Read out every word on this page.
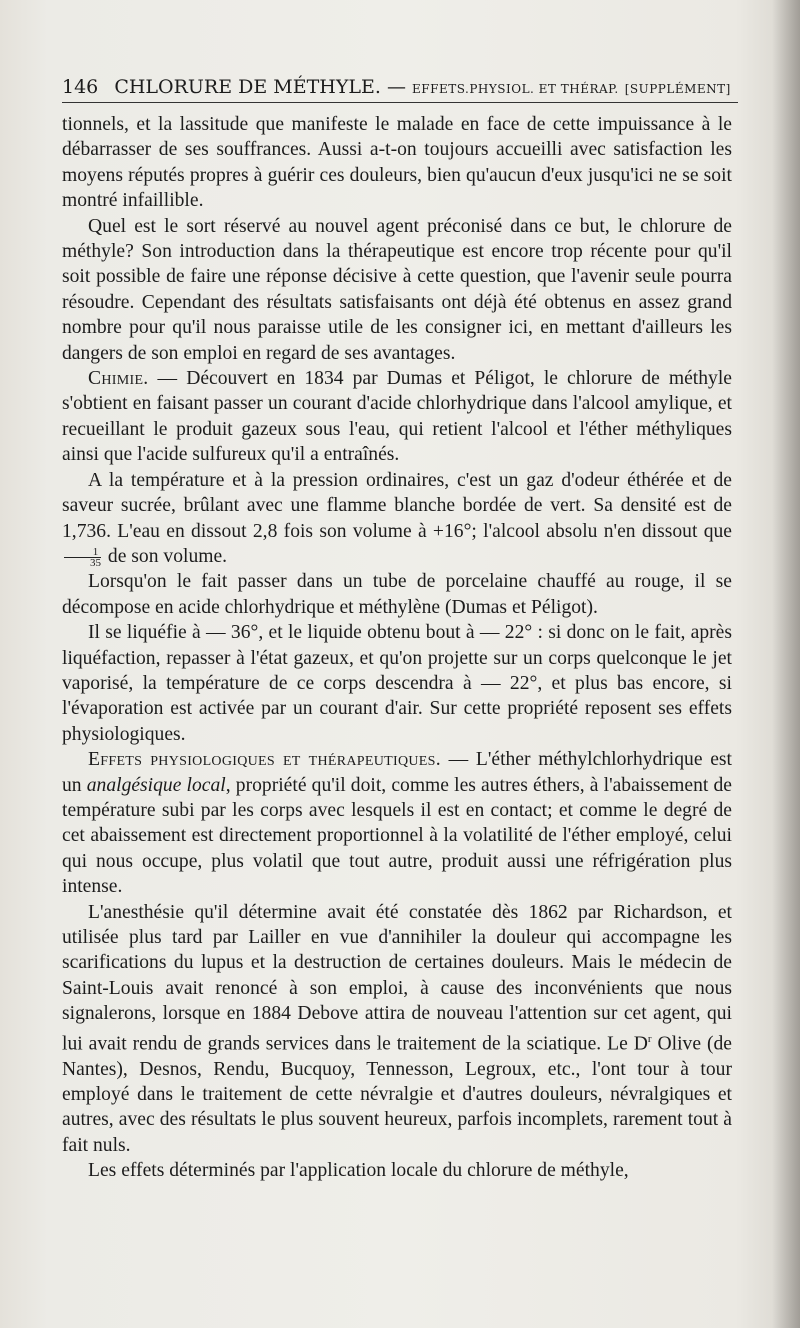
146 CHLORURE DE MÉTHYLE. — EFFETS.PHYSIOL. ET THÉRAP. [SUPPLÉMENT]

tionnels, et la lassitude que manifeste le malade en face de cette impuissance à le débarrasser de ses souffrances. Aussi a-t-on toujours accueilli avec satisfaction les moyens réputés propres à guérir ces douleurs, bien qu'aucun d'eux jusqu'ici ne se soit montré infaillible.

Quel est le sort réservé au nouvel agent préconisé dans ce but, le chlorure de méthyle? Son introduction dans la thérapeutique est encore trop récente pour qu'il soit possible de faire une réponse décisive à cette question, que l'avenir seule pourra résoudre. Cependant des résultats satisfaisants ont déjà été obtenus en assez grand nombre pour qu'il nous paraisse utile de les consigner ici, en mettant d'ailleurs les dangers de son emploi en regard de ses avantages.

Chimie. — Découvert en 1834 par Dumas et Péligot, le chlorure de méthyle s'obtient en faisant passer un courant d'acide chlorhydrique dans l'alcool amylique, et recueillant le produit gazeux sous l'eau, qui retient l'alcool et l'éther méthyliques ainsi que l'acide sulfureux qu'il a entraînés.

A la température et à la pression ordinaires, c'est un gaz d'odeur éthérée et de saveur sucrée, brûlant avec une flamme blanche bordée de vert. Sa densité est de 1,736. L'eau en dissout 2,8 fois son volume à +16°; l'alcool absolu n'en dissout que
$\frac{1}{35}$ de son volume.

Lorsqu'on le fait passer dans un tube de porcelaine chauffé au rouge, il se décompose en acide chlorhydrique et méthylène (Dumas et Péligot).

Il se liquéfie à — 36°, et le liquide obtenu bout à — 22° : si donc on le fait, après liquéfaction, repasser à l'état gazeux, et qu'on projette sur un corps quelconque le jet vaporisé, la température de ce corps descendra à — 22°, et plus bas encore, si l'évaporation est activée par un courant d'air. Sur cette propriété reposent ses effets physiologiques.

Effets physiologiques et thérapeutiques. — L'éther méthylchlorhydrique est un analgésique local, propriété qu'il doit, comme les autres éthers, à l'abaissement de température subi par les corps avec lesquels il est en contact; et comme le degré de cet abaissement est directement proportionnel à la volatilité de l'éther employé, celui qui nous occupe, plus volatil que tout autre, produit aussi une réfrigération plus intense.

L'anesthésie qu'il détermine avait été constatée dès 1862 par Richardson, et utilisée plus tard par Lailler en vue d'annihiler la douleur qui accompagne les scarifications du lupus et la destruction de certaines douleurs. Mais le médecin de Saint-Louis avait renoncé à son emploi, à cause des inconvénients que nous signalerons, lorsque en 1884 Debove attira de nouveau l'attention sur cet agent, qui lui avait rendu de grands services dans le traitement de la sciatique. Le $D^r$ Olive (de Nantes), Desnos, Rendu, Bucquoy, Tennesson, Legroux, etc., l'ont tour à tour employé dans le traitement de cette névralgie et d'autres douleurs, névralgiques et autres, avec des résultats le plus souvent heureux, parfois incomplets, rarement tout à fait nuls.

Les effets déterminés par l'application locale du chlorure de méthyle,
